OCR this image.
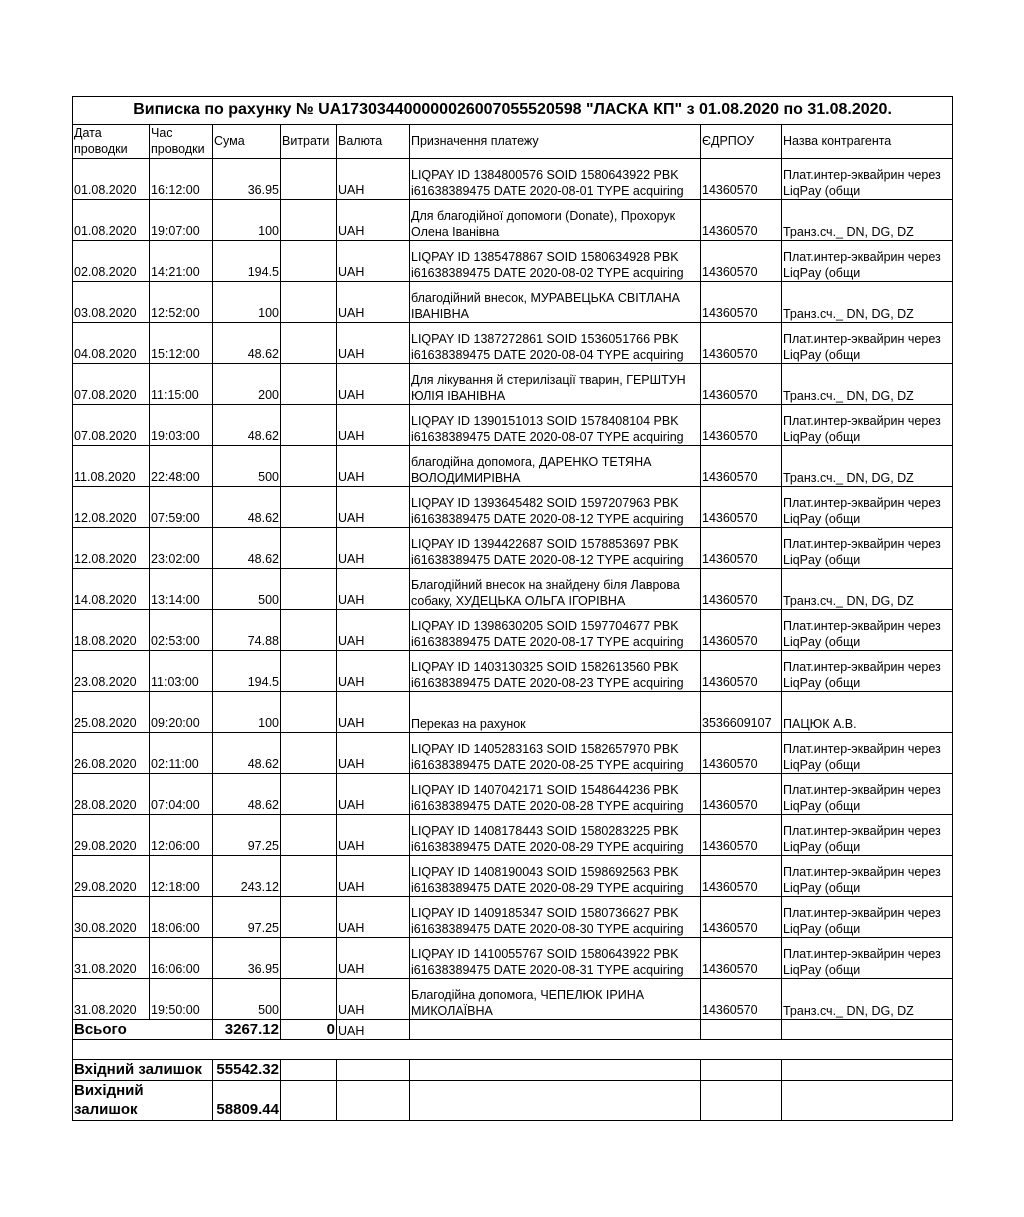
Виписка по рахунку № UA173034400000026007055520598 "ЛАСКА КП" з 01.08.2020 по 31.08.2020.							
Дата проводки	Час проводки	Сума	Витрати	Валюта	Призначення платежу	ЄДРПОУ	Назва контрагента
01.08.2020	16:12:00	36.95		UAH	LIQPAY ID 1384800576 SOID 1580643922 PBK i61638389475 DATE 2020-08-01 TYPE acquiring	14360570	Плат.интер-эквайрин через LiqPay (общи
01.08.2020	19:07:00	100		UAH	Для благодійної допомоги (Donate), Прохорук Олена Іванівна	14360570	Транз.сч._ DN, DG, DZ
02.08.2020	14:21:00	194.5		UAH	LIQPAY ID 1385478867 SOID 1580634928 PBK i61638389475 DATE 2020-08-02 TYPE acquiring	14360570	Плат.интер-эквайрин через LiqPay (общи
03.08.2020	12:52:00	100		UAH	благодійний внесок, МУРАВЕЦЬКА СВІТЛАНА ІВАНІВНА	14360570	Транз.сч._ DN, DG, DZ
04.08.2020	15:12:00	48.62		UAH	LIQPAY ID 1387272861 SOID 1536051766 PBK i61638389475 DATE 2020-08-04 TYPE acquiring	14360570	Плат.интер-эквайрин через LiqPay (общи
07.08.2020	11:15:00	200		UAH	Для лікування й стерилізації тварин, ГЕРШТУН ЮЛІЯ ІВАНІВНА	14360570	Транз.сч._ DN, DG, DZ
07.08.2020	19:03:00	48.62		UAH	LIQPAY ID 1390151013 SOID 1578408104 PBK i61638389475 DATE 2020-08-07 TYPE acquiring	14360570	Плат.интер-эквайрин через LiqPay (общи
11.08.2020	22:48:00	500		UAH	благодійна допомога, ДАРЕНКО ТЕТЯНА ВОЛОДИМИРІВНА	14360570	Транз.сч._ DN, DG, DZ
12.08.2020	07:59:00	48.62		UAH	LIQPAY ID 1393645482 SOID 1597207963 PBK i61638389475 DATE 2020-08-12 TYPE acquiring	14360570	Плат.интер-эквайрин через LiqPay (общи
12.08.2020	23:02:00	48.62		UAH	LIQPAY ID 1394422687 SOID 1578853697 PBK i61638389475 DATE 2020-08-12 TYPE acquiring	14360570	Плат.интер-эквайрин через LiqPay (общи
14.08.2020	13:14:00	500		UAH	Благодійний внесок на знайдену біля Лаврова собаку, ХУДЕЦЬКА ОЛЬГА ІГОРІВНА	14360570	Транз.сч._ DN, DG, DZ
18.08.2020	02:53:00	74.88		UAH	LIQPAY ID 1398630205 SOID 1597704677 PBK i61638389475 DATE 2020-08-17 TYPE acquiring	14360570	Плат.интер-эквайрин через LiqPay (общи
23.08.2020	11:03:00	194.5		UAH	LIQPAY ID 1403130325 SOID 1582613560 PBK i61638389475 DATE 2020-08-23 TYPE acquiring	14360570	Плат.интер-эквайрин через LiqPay (общи
25.08.2020	09:20:00	100		UAH	Переказ на рахунок	3536609107	ПАЦЮК А.В.
26.08.2020	02:11:00	48.62		UAH	LIQPAY ID 1405283163 SOID 1582657970 PBK i61638389475 DATE 2020-08-25 TYPE acquiring	14360570	Плат.интер-эквайрин через LiqPay (общи
28.08.2020	07:04:00	48.62		UAH	LIQPAY ID 1407042171 SOID 1548644236 PBK i61638389475 DATE 2020-08-28 TYPE acquiring	14360570	Плат.интер-эквайрин через LiqPay (общи
29.08.2020	12:06:00	97.25		UAH	LIQPAY ID 1408178443 SOID 1580283225 PBK i61638389475 DATE 2020-08-29 TYPE acquiring	14360570	Плат.интер-эквайрин через LiqPay (общи
29.08.2020	12:18:00	243.12		UAH	LIQPAY ID 1408190043 SOID 1598692563 PBK i61638389475 DATE 2020-08-29 TYPE acquiring	14360570	Плат.интер-эквайрин через LiqPay (общи
30.08.2020	18:06:00	97.25		UAH	LIQPAY ID 1409185347 SOID 1580736627 PBK i61638389475 DATE 2020-08-30 TYPE acquiring	14360570	Плат.интер-эквайрин через LiqPay (общи
31.08.2020	16:06:00	36.95		UAH	LIQPAY ID 1410055767 SOID 1580643922 PBK i61638389475 DATE 2020-08-31 TYPE acquiring	14360570	Плат.интер-эквайрин через LiqPay (общи
31.08.2020	19:50:00	500		UAH	Благодійна допомога, ЧЕПЕЛЮК ІРИНА МИКОЛАЇВНА	14360570	Транз.сч._ DN, DG, DZ
Всього		3267.12	0	UAH			

Вхідний залишок		55542.32					
Вихідний залишок		58809.44					
